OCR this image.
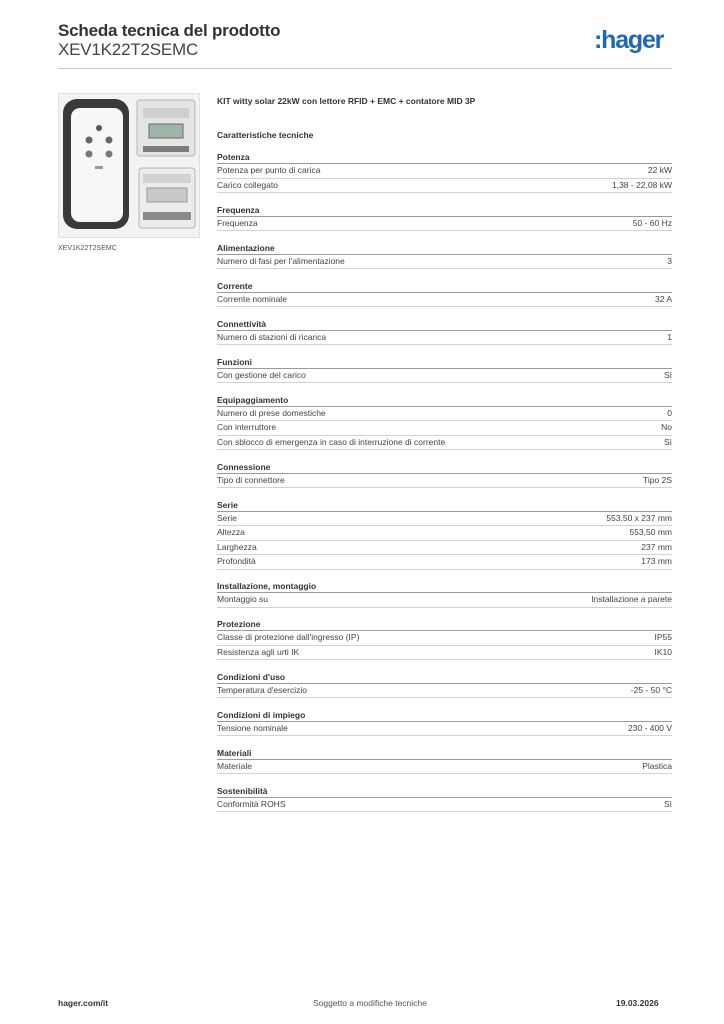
Scheda tecnica del prodotto
XEV1K22T2SEMC	:hager
XEV1K22T2SEMC
KIT witty solar 22kW con lettore RFID + EMC + contatore MID 3P
Caratteristiche tecniche
Potenza
Potenza per punto di carica	22 kW
Carico collegato	1,38 - 22,08 kW
Frequenza
Frequenza	50 - 60 Hz
Alimentazione
Numero di fasi per l'alimentazione	3
Corrente
Corrente nominale	32 A
Connettività
Numero di stazioni di ricarica	1
Funzioni
Con gestione del carico	Sì
Equipaggiamento
Numero di prese domestiche	0
Con interruttore	No
Con sblocco di emergenza in caso di interruzione di corrente	Sì
Connessione
Tipo di connettore	Tipo 2S
Serie
Serie	553.50 x 237 mm
Altezza	553,50 mm
Larghezza	237 mm
Profondità	173 mm
Installazione, montaggio
Montaggio su	Installazione a parete
Protezione
Classe di protezione dall'ingresso (IP)	IP55
Resistenza agli urti IK	IK10
Condizioni d'uso
Temperatura d'esercizio	-25 - 50 °C
Condizioni di impiego
Tensione nominale	230 - 400 V
Materiali
Materiale	Plastica
Sostenibilità
Conformità ROHS	Sì
hager.com/it	Soggetto a modifiche tecniche	19.03.2026
